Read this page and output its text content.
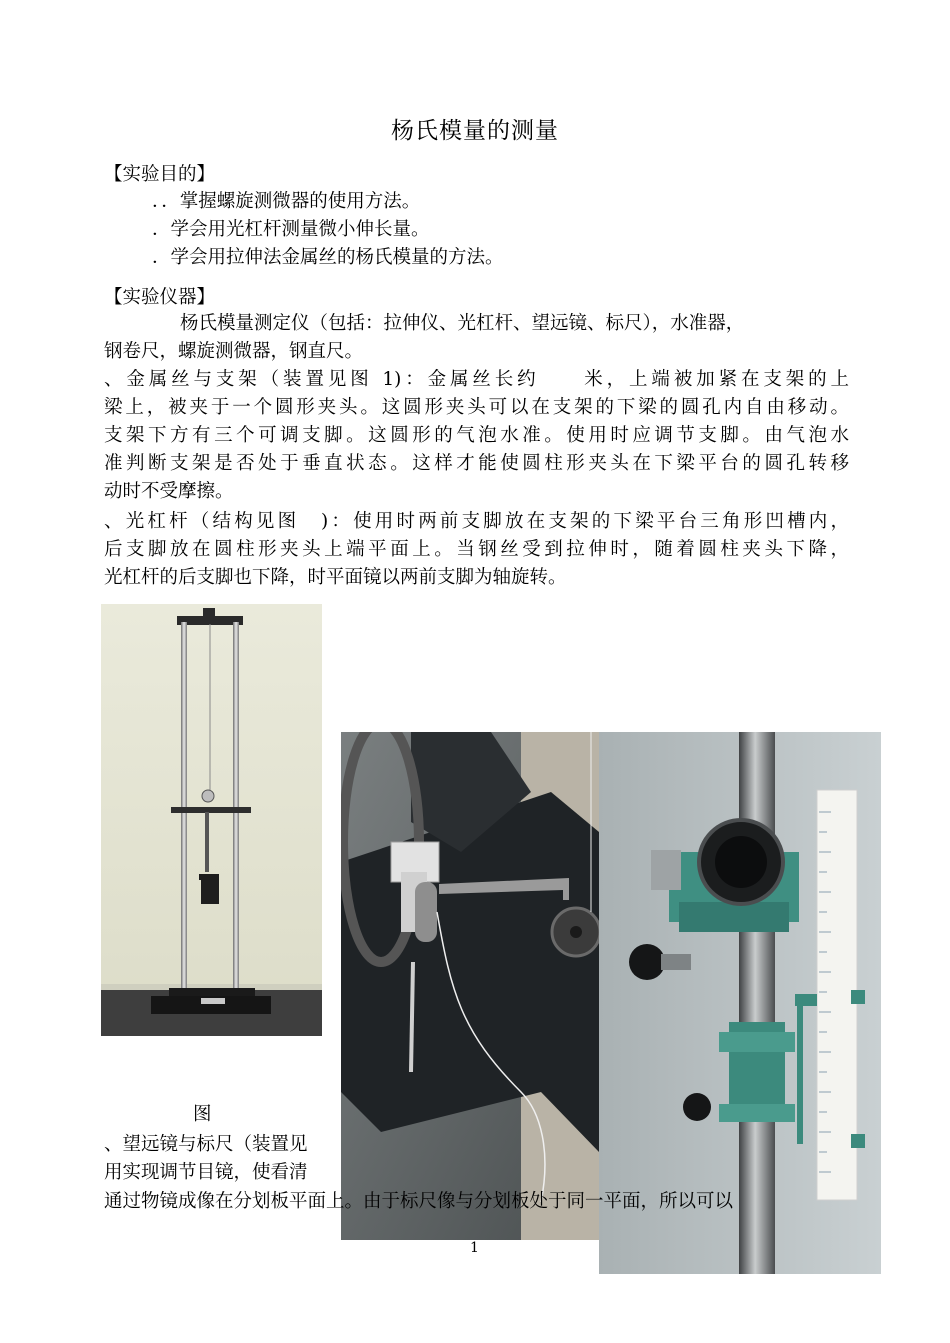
杨氏模量的测量
【实验目的】
．．掌握螺旋测微器的使用方法。
．学会用光杠杆测量微小伸长量。
．学会用拉伸法金属丝的杨氏模量的方法。
【实验仪器】
杨氏模量测定仪（包括：拉伸仪、光杠杆、望远镜、标尺），水准器，
钢卷尺，螺旋测微器，钢直尺。
、金属丝与支架（装置见图 1)：金属丝长约　　米，上端被加紧在支架的上
梁上，被夹于一个圆形夹头。这圆形夹头可以在支架的下梁的圆孔内自由移动。
支架下方有三个可调支脚。这圆形的气泡水准。使用时应调节支脚。由气泡水
准判断支架是否处于垂直状态。这样才能使圆柱形夹头在下梁平台的圆孔转移
动时不受摩擦。
、光杠杆（结构见图　)：使用时两前支脚放在支架的下梁平台三角形凹槽内，
后支脚放在圆柱形夹头上端平面上。当钢丝受到拉伸时，随着圆柱夹头下降，
光杠杆的后支脚也下降，时平面镜以两前支脚为轴旋转。
图
、望远镜与标尺（装置见
用实现调节目镜，使看清
通过物镜成像在分划板平面上。由于标尺像与分划板处于同一平面，所以可以
1
